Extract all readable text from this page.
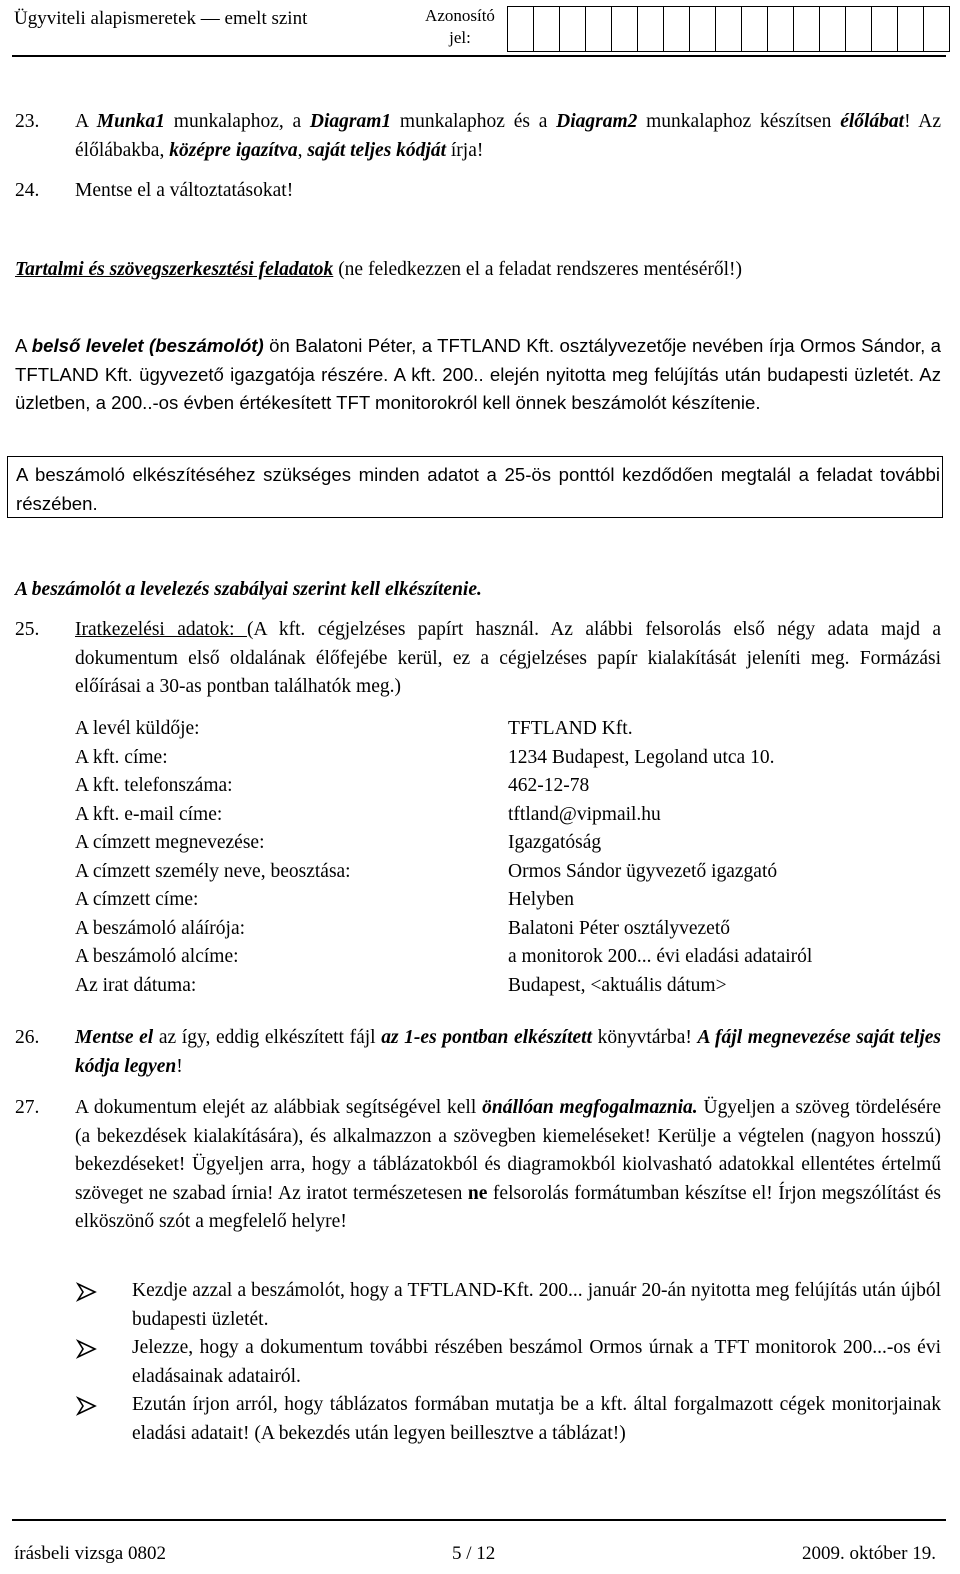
Ügyviteli alapismeretek — emelt szint	Azonosító jel:
23. A Munka1 munkalaphoz, a Diagram1 munkalaphoz és a Diagram2 munkalaphoz készítsen élőlábat! Az élőlábakba, középre igazítva, saját teljes kódját írja!
24. Mentse el a változtatásokat!
Tartalmi és szövegszerkesztési feladatok (ne feledkezzen el a feladat rendszeres mentéséről!)
A belső levelet (beszámolót) ön Balatoni Péter, a TFTLAND Kft. osztályvezetője nevében írja Ormos Sándor, a TFTLAND Kft. ügyvezető igazgatója részére. A kft. 200.. elején nyitotta meg felújítás után budapesti üzletét. Az üzletben, a 200..-os évben értékesített TFT monitorokról kell önnek beszámolót készítenie.
A beszámoló elkészítéséhez szükséges minden adatot a 25-ös ponttól kezdődően megtalál a feladat további részében.
A beszámolót a levelezés szabályai szerint kell elkészítenie.
25. Iratkezelési adatok: (A kft. cégjelzéses papírt használ. Az alábbi felsorolás első négy adata majd a dokumentum első oldalának élőfejébe kerül, ez a cégjelzéses papír kialakítását jeleníti meg. Formázási előírásai a 30-as pontban találhatók meg.)
A levél küldője:	TFTLAND Kft.
A kft. címe:	1234 Budapest, Legoland utca 10.
A kft. telefonszáma:	462-12-78
A kft. e-mail címe:	tftland@vipmail.hu
A címzett megnevezése:	Igazgatóság
A címzett személy neve, beosztása:	Ormos Sándor ügyvezető igazgató
A címzett címe:	Helyben
A beszámoló aláírója:	Balatoni Péter osztályvezető
A beszámoló alcíme:	a monitorok 200... évi eladási adatairól
Az irat dátuma:	Budapest, <aktuális dátum>
26. Mentse el az így, eddig elkészített fájl az 1-es pontban elkészített könyvtárba! A fájl megnevezése saját teljes kódja legyen!
27. A dokumentum elejét az alábbiak segítségével kell önállóan megfogalmaznia. Ügyeljen a szöveg tördelésére (a bekezdések kialakítására), és alkalmazzon a szövegben kiemeléseket! Kerülje a végtelen (nagyon hosszú) bekezdéseket! Ügyeljen arra, hogy a táblázatokból és diagramokból kiolvasható adatokkal ellentétes értelmű szöveget ne szabad írnia! Az iratot természetesen ne felsorolás formátumban készítse el! Írjon megszólítást és elköszönő szót a megfelelő helyre!
Kezdje azzal a beszámolót, hogy a TFTLAND-Kft. 200... január 20-án nyitotta meg felújítás után újból budapesti üzletét.
Jelezze, hogy a dokumentum további részében beszámol Ormos úrnak a TFT monitorok 200...-os évi eladásainak adatairól.
Ezután írjon arról, hogy táblázatos formában mutatja be a kft. által forgalmazott cégek monitorjainak eladási adatait! (A bekezdés után legyen beillesztve a táblázat!)
írásbeli vizsga 0802	5 / 12	2009. október 19.
